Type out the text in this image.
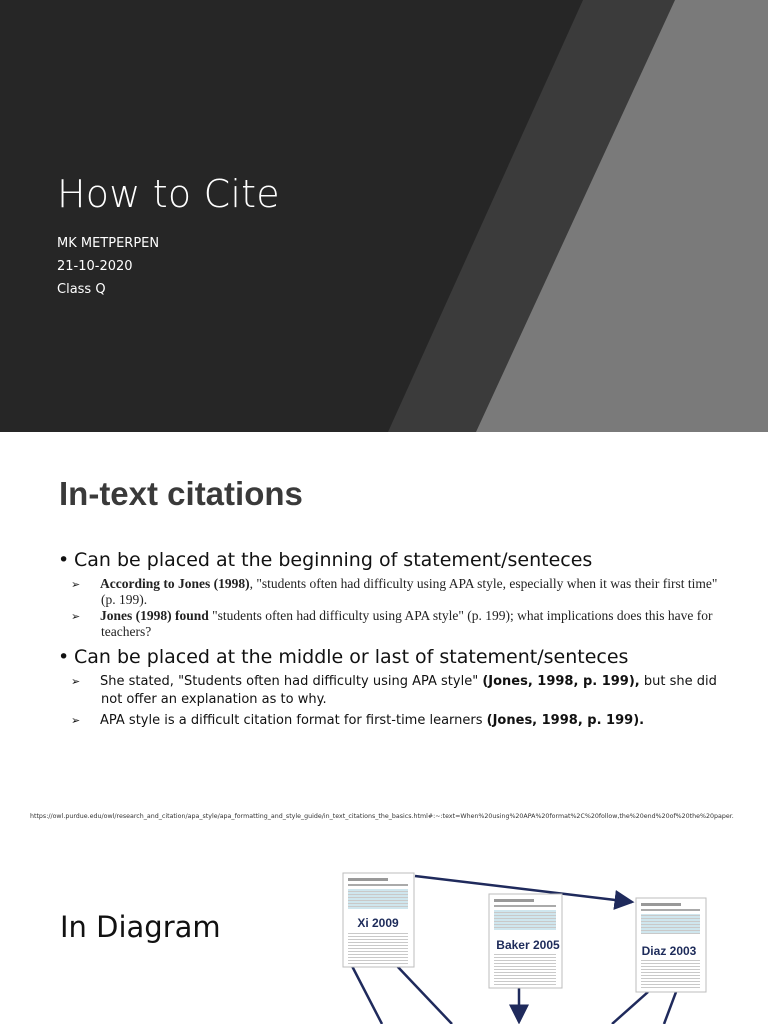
How to Cite
MK METPERPEN
21-10-2020
Class Q
In-text citations
• Can be placed at the beginning of statement/senteces
➢ According to Jones (1998), "students often had difficulty using APA style, especially when it was their first time" (p. 199).
➢ Jones (1998) found "students often had difficulty using APA style" (p. 199); what implications does this have for teachers?
• Can be placed at the middle or last of statement/senteces
➢ She stated, "Students often had difficulty using APA style" (Jones, 1998, p. 199), but she did not offer an explanation as to why.
➢ APA style is a difficult citation format for first-time learners (Jones, 1998, p. 199).
https://owl.purdue.edu/owl/research_and_citation/apa_style/apa_formatting_and_style_guide/in_text_citations_the_basics.html#:~:text=When%20using%20APA%20format%2C%20follow,the%20end%20of%20the%20paper.
In Diagram	Xi 2009
Baker 2005	Diaz 2003
